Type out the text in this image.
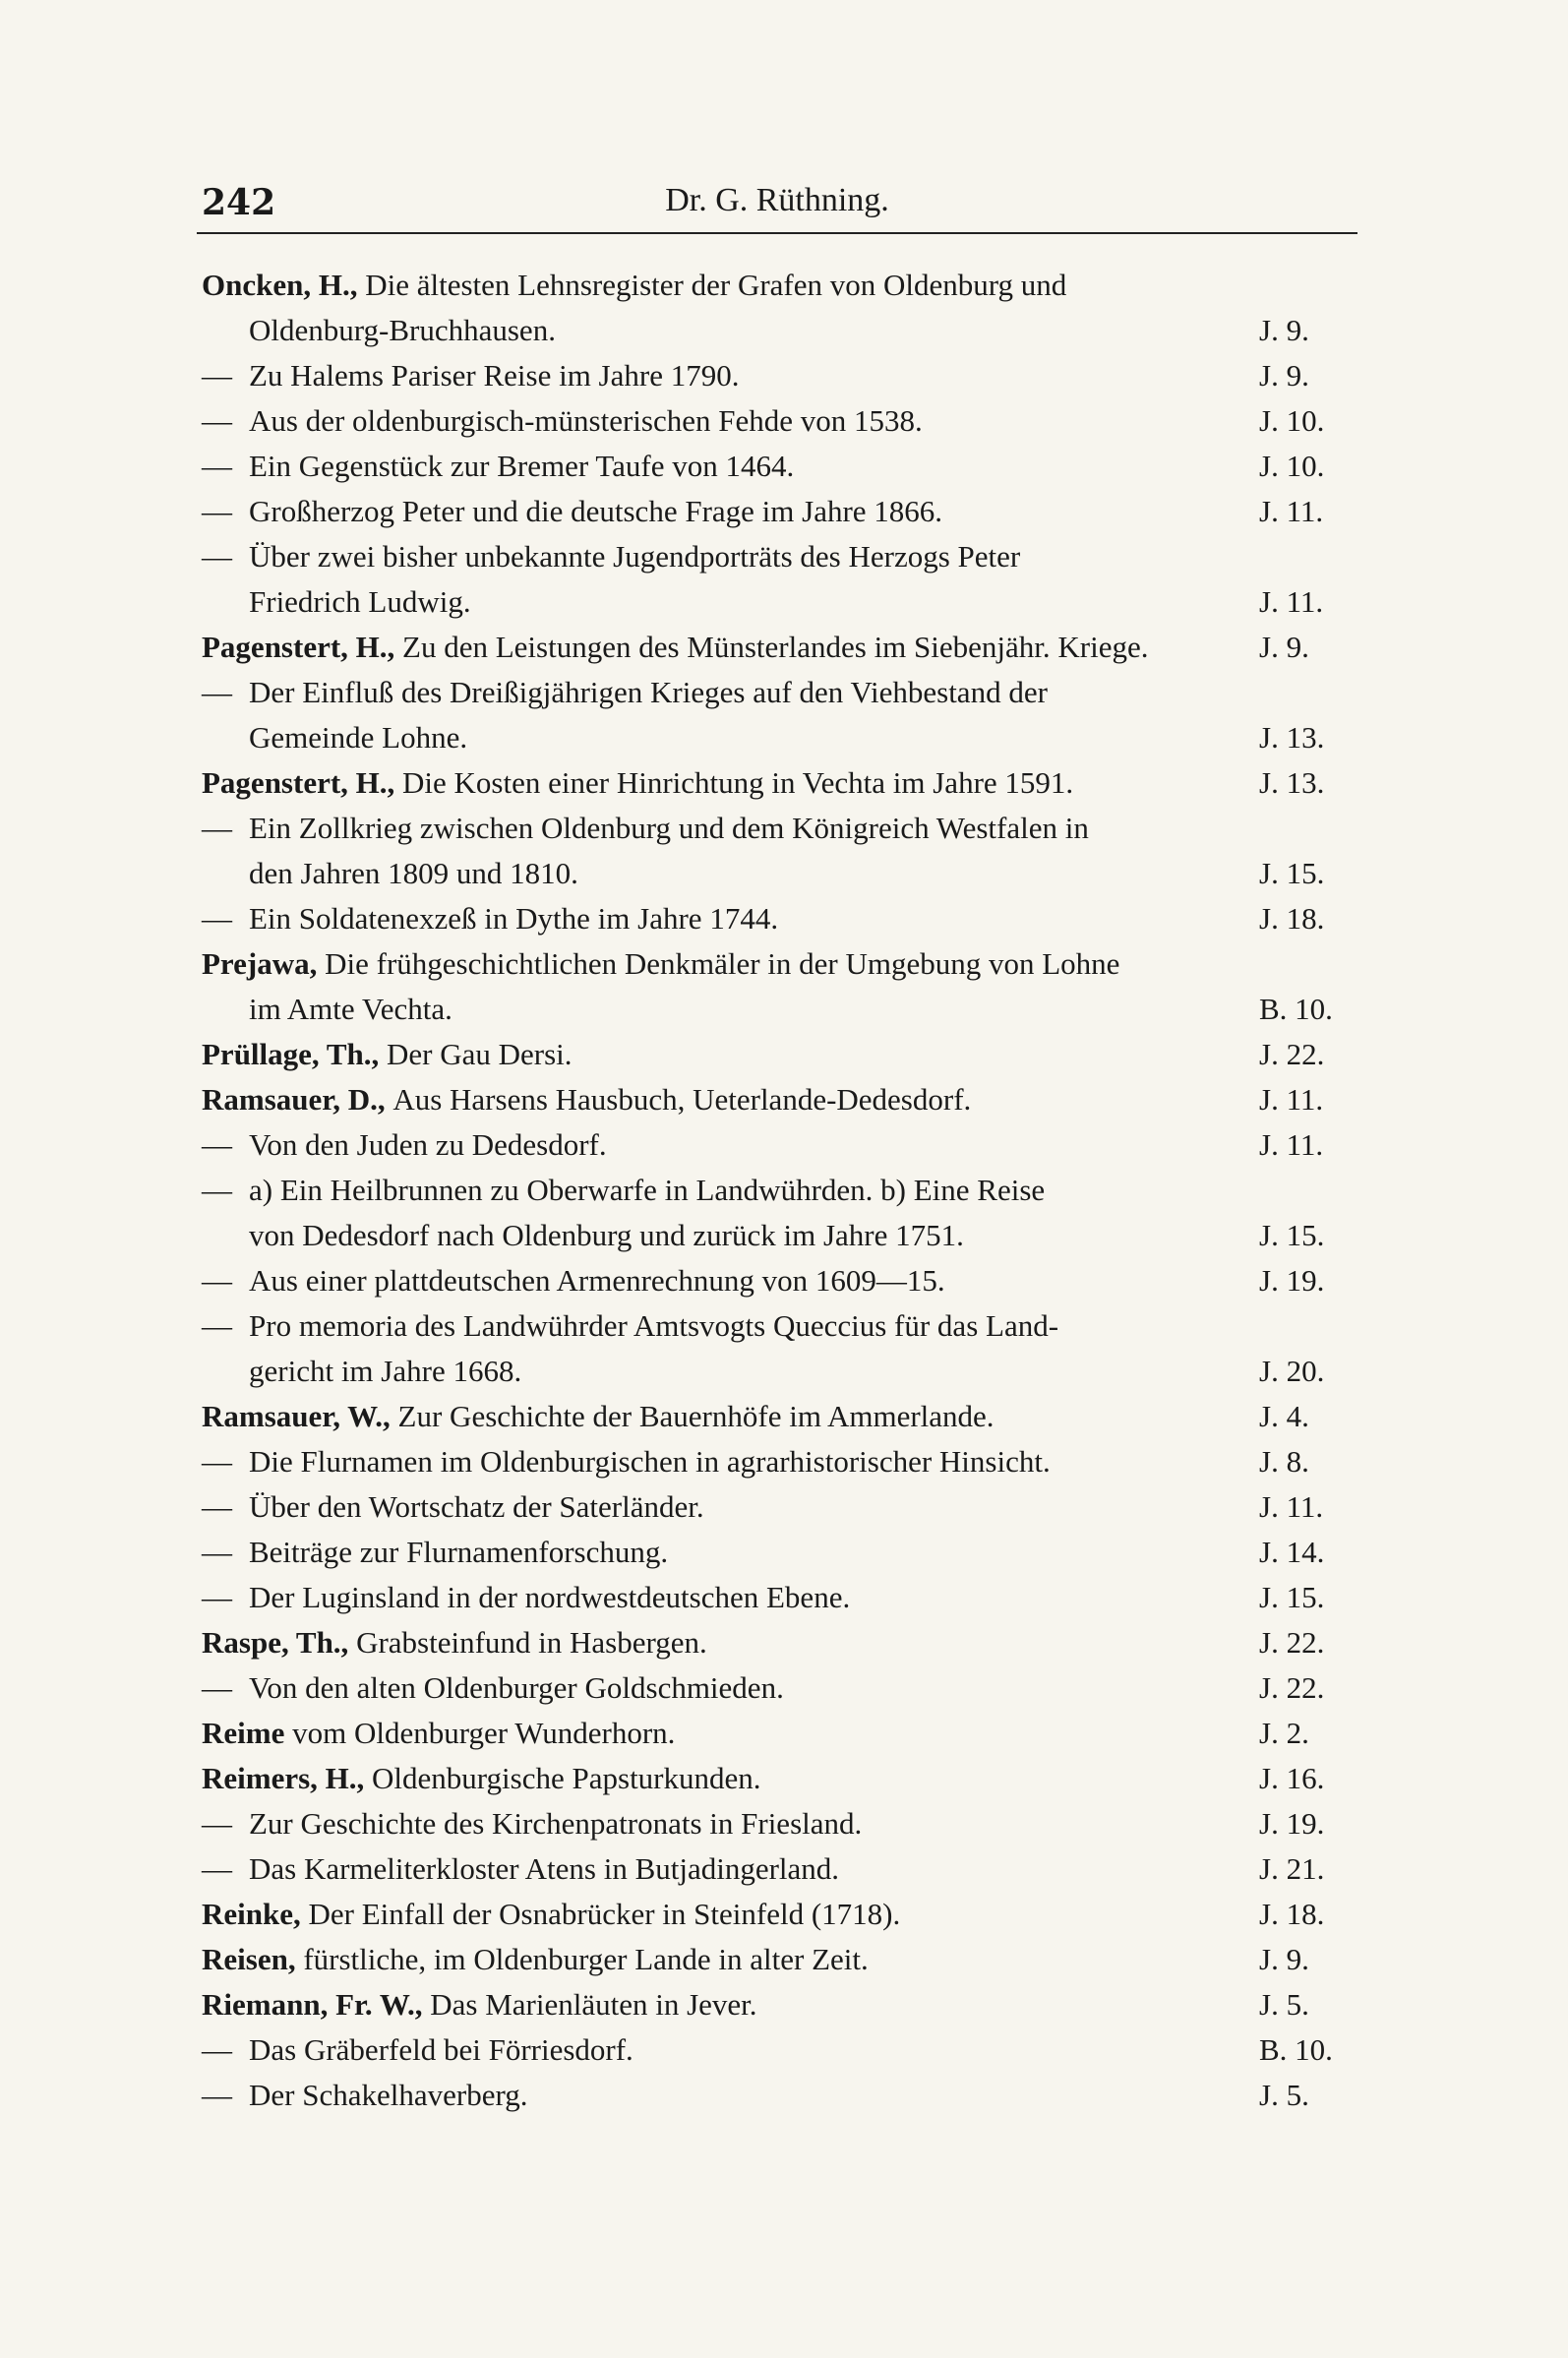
242	Dr. G. Rüthning.
Oncken, H., Die ältesten Lehnsregister der Grafen von Oldenburg und
Oldenburg-Bruchhausen.	J. 9.
— Zu Halems Pariser Reise im Jahre 1790.	J. 9.
— Aus der oldenburgisch-münsterischen Fehde von 1538.	J. 10.
— Ein Gegenstück zur Bremer Taufe von 1464.	J. 10.
— Großherzog Peter und die deutsche Frage im Jahre 1866.	J. 11.
— Über zwei bisher unbekannte Jugendporträts des Herzogs Peter
Friedrich Ludwig.	J. 11.
Pagenstert, H., Zu den Leistungen des Münsterlandes im Siebenjähr. Kriege.	J. 9.
— Der Einfluß des Dreißigjährigen Krieges auf den Viehbestand der
Gemeinde Lohne.	J. 13.
Pagenstert, H., Die Kosten einer Hinrichtung in Vechta im Jahre 1591.	J. 13.
— Ein Zollkrieg zwischen Oldenburg und dem Königreich Westfalen in
den Jahren 1809 und 1810.	J. 15.
— Ein Soldatenexzeß in Dythe im Jahre 1744.	J. 18.
Prejawa, Die frühgeschichtlichen Denkmäler in der Umgebung von Lohne
im Amte Vechta.	B. 10.
Prüllage, Th., Der Gau Dersi.	J. 22.
Ramsauer, D., Aus Harsens Hausbuch, Ueterlande-Dedesdorf.	J. 11.
— Von den Juden zu Dedesdorf.	J. 11.
— a) Ein Heilbrunnen zu Oberwarfe in Landwührden. b) Eine Reise
von Dedesdorf nach Oldenburg und zurück im Jahre 1751.	J. 15.
— Aus einer plattdeutschen Armenrechnung von 1609—15.	J. 19.
— Pro memoria des Landwührder Amtsvogts Queccius für das Land-
gericht im Jahre 1668.	J. 20.
Ramsauer, W., Zur Geschichte der Bauernhöfe im Ammerlande.	J. 4.
— Die Flurnamen im Oldenburgischen in agrarhistorischer Hinsicht.	J. 8.
— Über den Wortschatz der Saterländer.	J. 11.
— Beiträge zur Flurnamenforschung.	J. 14.
— Der Luginsland in der nordwestdeutschen Ebene.	J. 15.
Raspe, Th., Grabsteinfund in Hasbergen.	J. 22.
— Von den alten Oldenburger Goldschmieden.	J. 22.
Reime vom Oldenburger Wunderhorn.	J. 2.
Reimers, H., Oldenburgische Papsturkunden.	J. 16.
— Zur Geschichte des Kirchenpatronats in Friesland.	J. 19.
— Das Karmeliterkloster Atens in Butjadingerland.	J. 21.
Reinke, Der Einfall der Osnabrücker in Steinfeld (1718).	J. 18.
Reisen, fürstliche, im Oldenburger Lande in alter Zeit.	J. 9.
Riemann, Fr. W., Das Marienläuten in Jever.	J. 5.
— Das Gräberfeld bei Förriesdorf.	B. 10.
— Der Schakelhaverberg.	J. 5.
